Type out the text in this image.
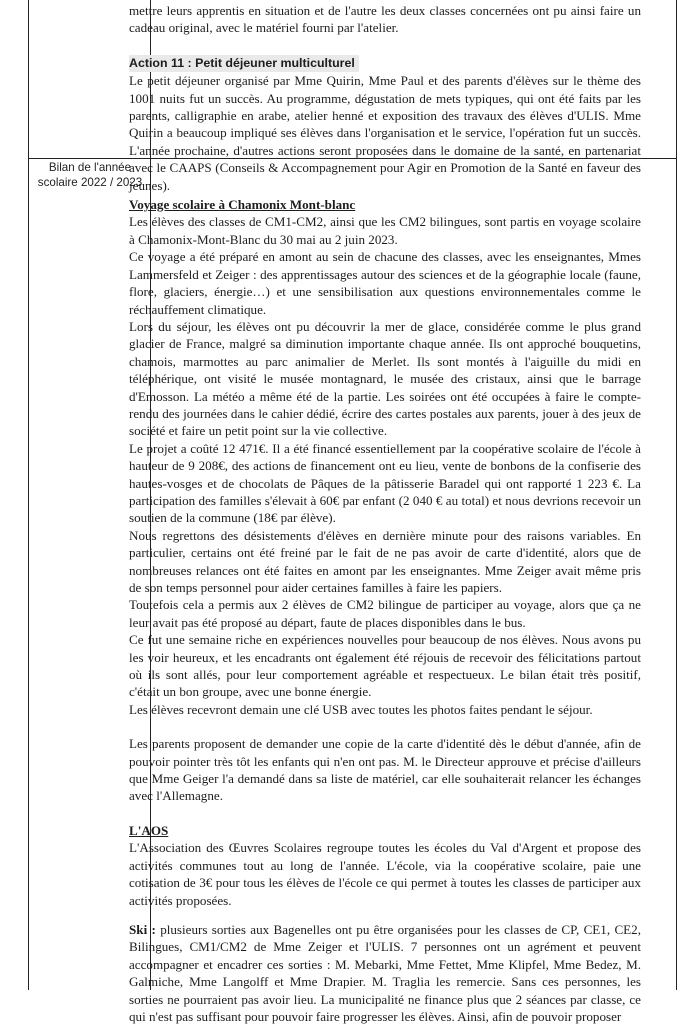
Bilan de l'année
scolaire 2022 / 2023

mettre leurs apprentis en situation et de l'autre les deux classes concernées ont pu ainsi faire un cadeau original, avec le matériel fourni par l'atelier.

Action 11 : Petit déjeuner multiculturel

Le petit déjeuner organisé par Mme Quirin, Mme Paul et des parents d'élèves sur le thème des 1001 nuits fut un succès. Au programme, dégustation de mets typiques, qui ont été faits par les parents, calligraphie en arabe, atelier henné et exposition des travaux des élèves d'ULIS. Mme Quirin a beaucoup impliqué ses élèves dans l'organisation et le service, l'opération fut un succès. L'année prochaine, d'autres actions seront proposées dans le domaine de la santé, en partenariat avec le CAAPS (Conseils & Accompagnement pour Agir en Promotion de la Santé en faveur des jeunes).

Voyage scolaire à Chamonix Mont-blanc

Les élèves des classes de CM1-CM2, ainsi que les CM2 bilingues, sont partis en voyage scolaire à Chamonix-Mont-Blanc du 30 mai au 2 juin 2023.

Ce voyage a été préparé en amont au sein de chacune des classes, avec les enseignantes, Mmes Lammersfeld et Zeiger : des apprentissages autour des sciences et de la géographie locale (faune, flore, glaciers, énergie…) et une sensibilisation aux questions environnementales comme le réchauffement climatique.

Lors du séjour, les élèves ont pu découvrir la mer de glace, considérée comme le plus grand glacier de France, malgré sa diminution importante chaque année. Ils ont approché bouquetins, chamois, marmottes au parc animalier de Merlet. Ils sont montés à l'aiguille du midi en téléphérique, ont visité le musée montagnard, le musée des cristaux, ainsi que le barrage d'Emosson. La météo a même été de la partie. Les soirées ont été occupées à faire le compte-rendu des journées dans le cahier dédié, écrire des cartes postales aux parents, jouer à des jeux de société et faire un petit point sur la vie collective.

Le projet a coûté 12 471€. Il a été financé essentiellement par la coopérative scolaire de l'école à hauteur de 9 208€, des actions de financement ont eu lieu, vente de bonbons de la confiserie des hautes-vosges et de chocolats de Pâques de la pâtisserie Baradel qui ont rapporté 1 223 €. La participation des familles s'élevait à 60€ par enfant (2 040 € au total) et nous devrions recevoir un soutien de la commune (18€ par élève).

Nous regrettons des désistements d'élèves en dernière minute pour des raisons variables. En particulier, certains ont été freiné par le fait de ne pas avoir de carte d'identité, alors que de nombreuses relances ont été faites en amont par les enseignantes. Mme Zeiger avait même pris de son temps personnel pour aider certaines familles à faire les papiers.

Toutefois cela a permis aux 2 élèves de CM2 bilingue de participer au voyage, alors que ça ne leur avait pas été proposé au départ, faute de places disponibles dans le bus.

Ce fut une semaine riche en expériences nouvelles pour beaucoup de nos élèves. Nous avons pu les voir heureux, et les encadrants ont également été réjouis de recevoir des félicitations partout où ils sont allés, pour leur comportement agréable et respectueux. Le bilan était très positif, c'était un bon groupe, avec une bonne énergie.

Les élèves recevront demain une clé USB avec toutes les photos faites pendant le séjour.

Les parents proposent de demander une copie de la carte d'identité dès le début d'année, afin de pouvoir pointer très tôt les enfants qui n'en ont pas. M. le Directeur approuve et précise d'ailleurs que Mme Geiger l'a demandé dans sa liste de matériel, car elle souhaiterait relancer les échanges avec l'Allemagne.

L'AOS

L'Association des Œuvres Scolaires regroupe toutes les écoles du Val d'Argent et propose des activités communes tout au long de l'année. L'école, via la coopérative scolaire, paie une cotisation de 3€ pour tous les élèves de l'école ce qui permet à toutes les classes de participer aux activités proposées.

Ski : plusieurs sorties aux Bagenelles ont pu être organisées pour les classes de CP, CE1, CE2, Bilingues, CM1/CM2 de Mme Zeiger et l'ULIS. 7 personnes ont un agrément et peuvent accompagner et encadrer ces sorties : M. Mebarki, Mme Fettet, Mme Klipfel, Mme Bedez, M. Galmiche, Mme Langolff et Mme Drapier. M. Traglia les remercie. Sans ces personnes, les sorties ne pourraient pas avoir lieu. La municipalité ne finance plus que 2 séances par classe, ce qui n'est pas suffisant pour pouvoir faire progresser les élèves. Ainsi, afin de pouvoir proposer
